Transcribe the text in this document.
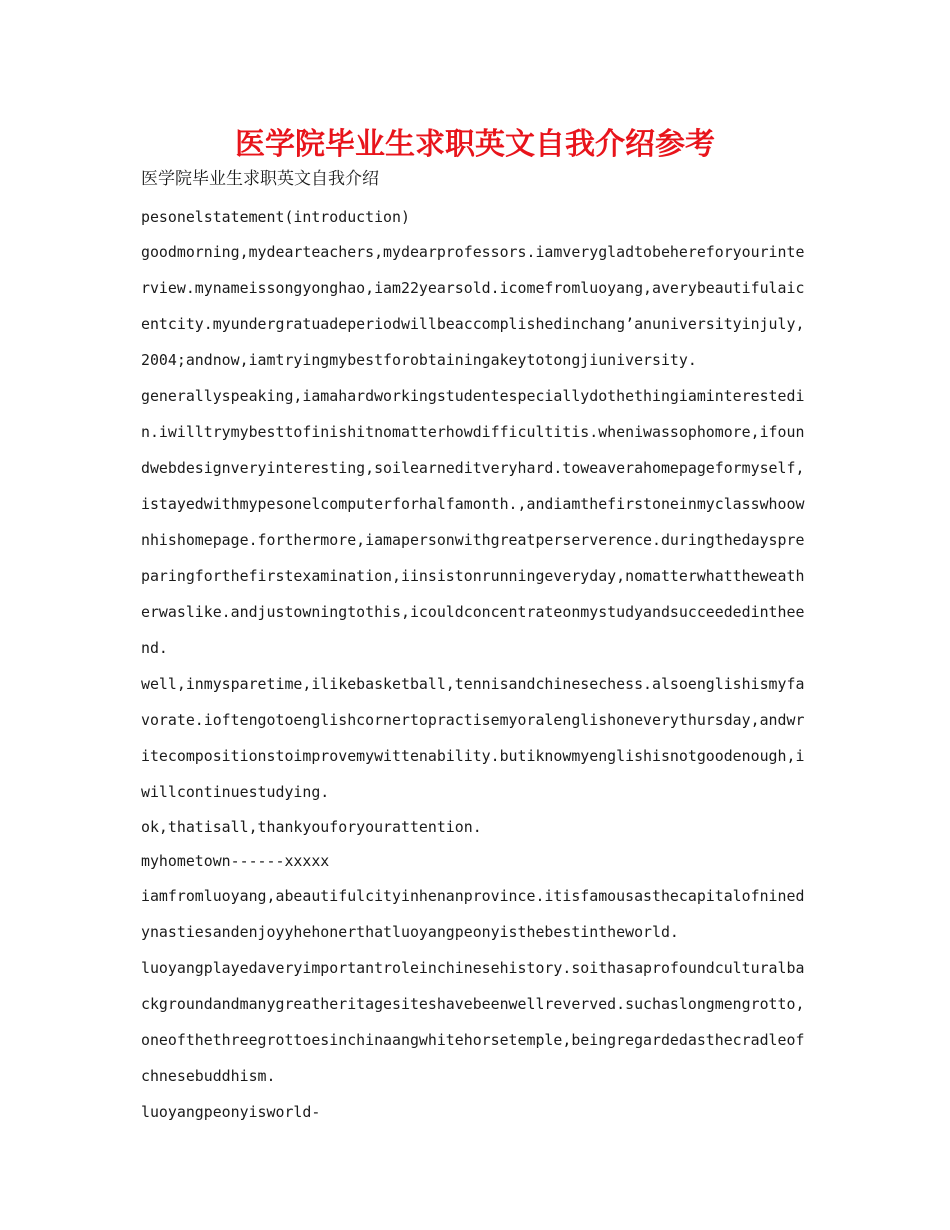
医学院毕业生求职英文自我介绍参考
医学院毕业生求职英文自我介绍

pesonelstatement(introduction)

goodmorning,mydearteachers,mydearprofessors.iamverygladtobehereforyourinterview.mynameissongyonghao,iam22yearsold.icomefromluoyang,averybeautifulaicentcity.myundergratuadeperiodwillbeaccomplishedinchang’anuniversityinjuly,2004;andnow,iamtryingmybestforobtainingakeytotongjiuniversity.

generallyspeaking,iamahardworkingstudentespeciallydothethingiaminterestedin.iwilltrymybesttofinishitnomatterhowdifficultitis.wheniwassophomore,ifoundwebdesignveryinteresting,soilearneditveryhard.toweaverahomepageformyself,istayedwithmypesonelcomputerforhalfamonth.,andiamthefirstoneinmyclasswhoownhishomepage.forthermore,iamapersonwithgreatperserverence.duringthedayspreparingforthefirstexamination,iinsistonrunningeveryday,nomatterwhattheweatherwaslike.andjustowningtothis,icouldconcentrateonmystudyandsucceededintheend.

well,inmysparetime,ilikebasketball,tennisandchinesechess.alsoenglishismyfavorate.ioftengotoenglishcornertopractisemyoralenglishoneverythursday,andwritecompositionstoimprovemywittenability.butiknowmyenglishisnotgoodenough,iwillcontinuestudying.

ok,thatisall,thankyouforyourattention.

myhometown------xxxxx

iamfromluoyang,abeautifulcityinhenanprovince.itisfamousasthecapitalofninedynastiesandenjoyyhehonerthatluoyangpeonyisthebestintheworld.

luoyangplayedaveryimportantroleinchinesehistory.soithasaprofoundculturalbackgroundandmanygreatheritagesiteshavebeenwellreverved.suchaslongmengrotto,oneofthethreegrottoesinchinaangwhitehorsetemple,beingregardedasthecradleofchnesebuddhism.

luoyangpeonyisworld-
